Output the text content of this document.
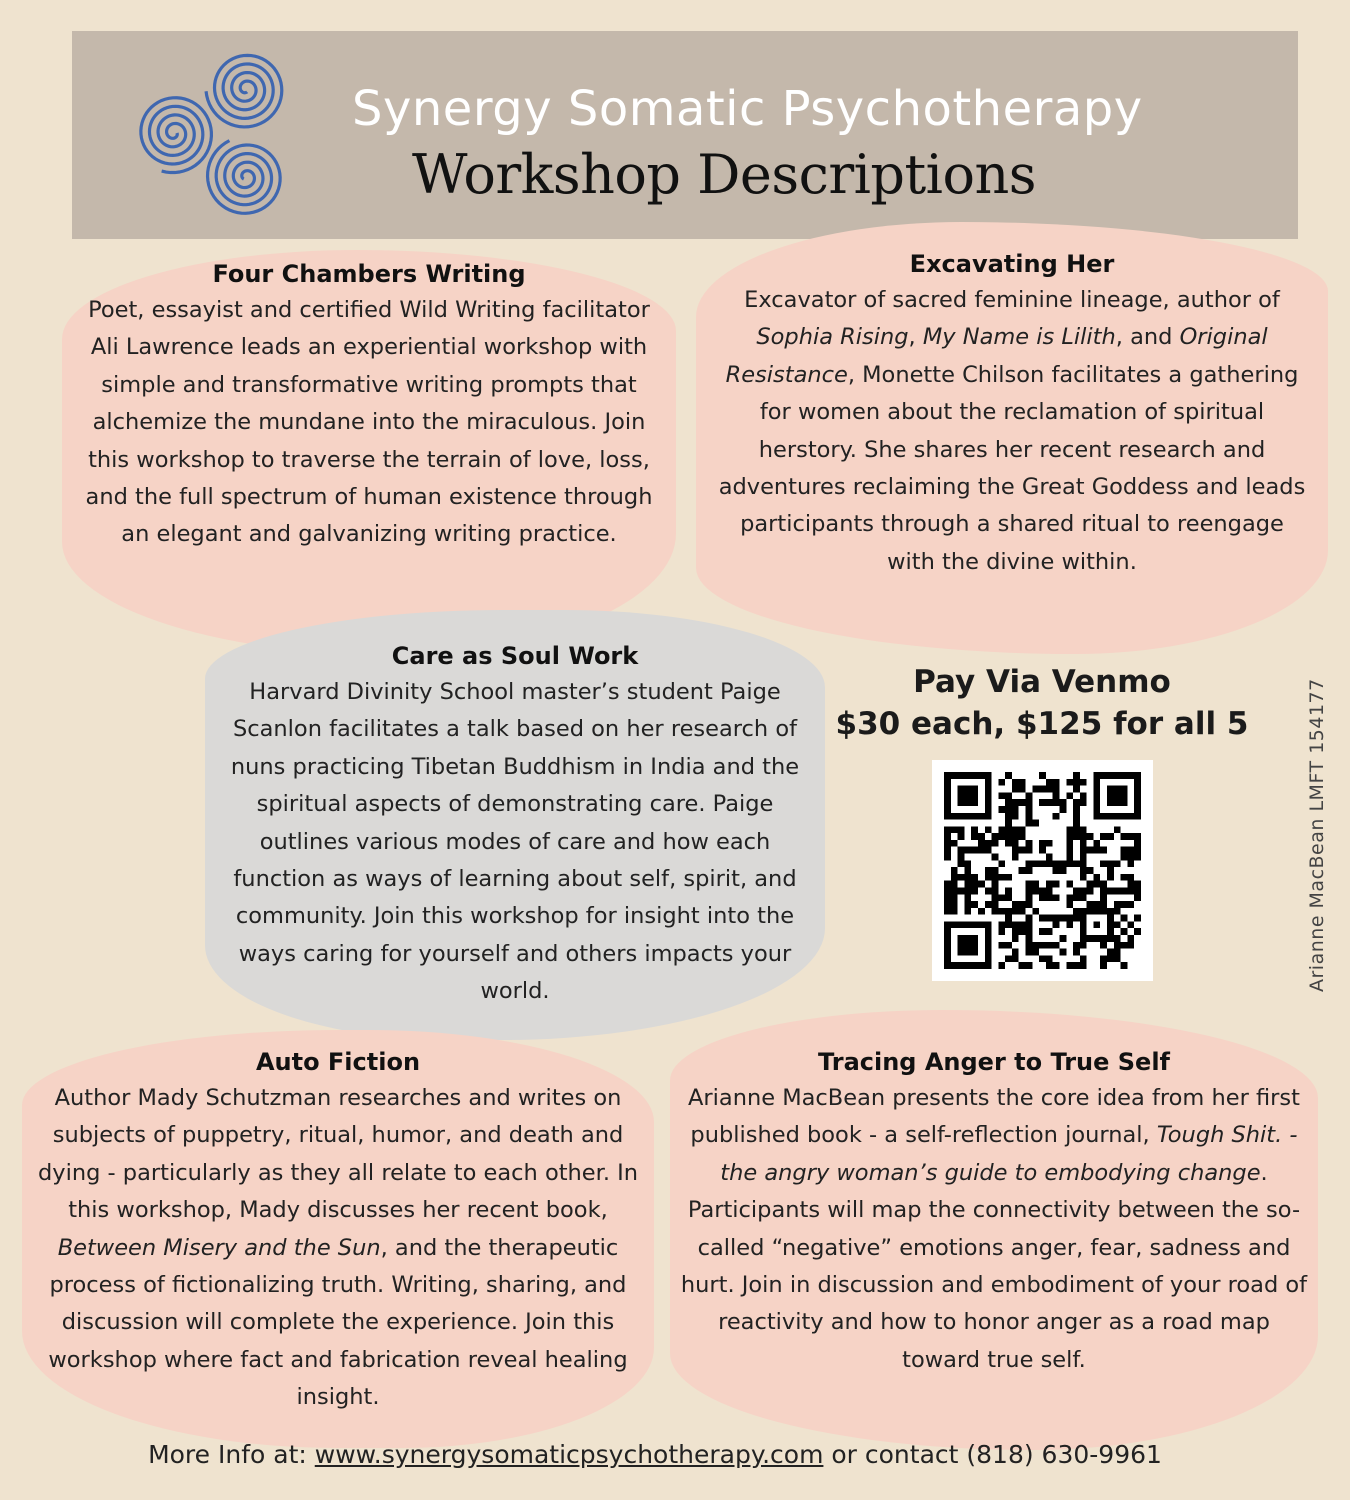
Synergy Somatic Psychotherapy
Workshop Descriptions
Four Chambers Writing

Poet, essayist and certified Wild Writing facilitator Ali Lawrence leads an experiential workshop with simple and transformative writing prompts that alchemize the mundane into the miraculous. Join this workshop to traverse the terrain of love, loss, and the full spectrum of human existence through an elegant and galvanizing writing practice.

Excavating Her

Excavator of sacred feminine lineage, author of Sophia Rising, My Name is Lilith, and Original Resistance, Monette Chilson facilitates a gathering for women about the reclamation of spiritual herstory. She shares her recent research and adventures reclaiming the Great Goddess and leads participants through a shared ritual to reengage with the divine within.

Care as Soul Work

Harvard Divinity School master’s student Paige Scanlon facilitates a talk based on her research of nuns practicing Tibetan Buddhism in India and the spiritual aspects of demonstrating care. Paige outlines various modes of care and how each function as ways of learning about self, spirit, and community. Join this workshop for insight into the ways caring for yourself and others impacts your world.

Auto Fiction

Author Mady Schutzman researches and writes on subjects of puppetry, ritual, humor, and death and dying - particularly as they all relate to each other. In this workshop, Mady discusses her recent book, Between Misery and the Sun, and the therapeutic process of fictionalizing truth. Writing, sharing, and discussion will complete the experience. Join this workshop where fact and fabrication reveal healing insight.

Tracing Anger to True Self

Arianne MacBean presents the core idea from her first published book - a self-reflection journal, Tough Shit. - the angry woman’s guide to embodying change. Participants will map the connectivity between the so-called “negative” emotions anger, fear, sadness and hurt. Join in discussion and embodiment of your road of reactivity and how to honor anger as a road map toward true self.

Pay Via Venmo
$30 each, $125 for all 5	Arianne MacBean LMFT 154177
More Info at: www.synergysomaticpsychotherapy.com or contact (818) 630-9961
